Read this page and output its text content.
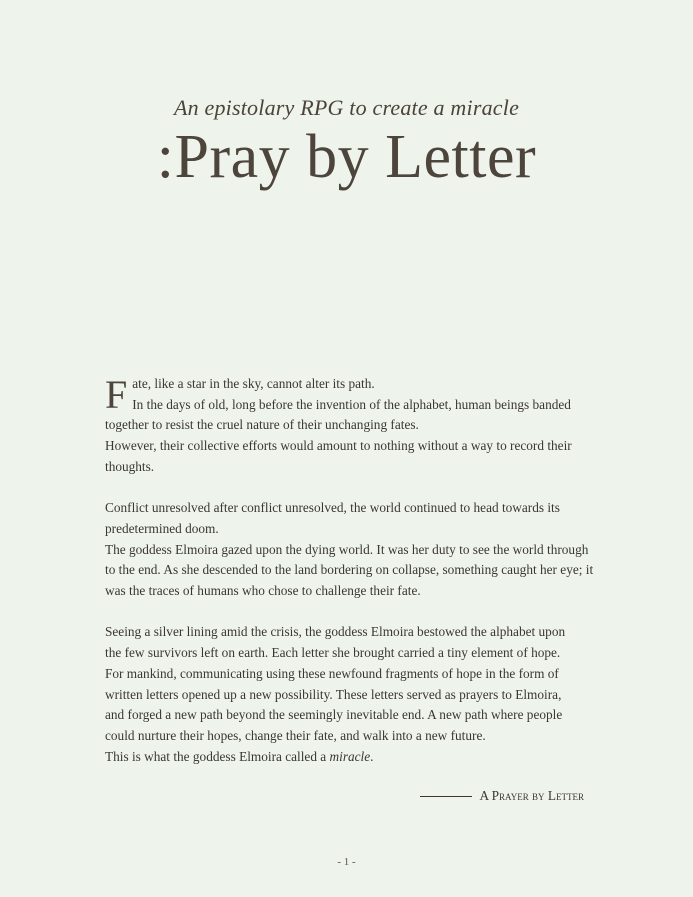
An epistolary RPG to create a miracle
:Pray by Letter
F ate, like a star in the sky, cannot alter its path.
In the days of old, long before the invention of the alphabet, human beings banded
together to resist the cruel nature of their unchanging fates.
However, their collective efforts would amount to nothing without a way to record their
thoughts.
Conflict unresolved after conflict unresolved, the world continued to head towards its
predetermined doom.
The goddess Elmoira gazed upon the dying world. It was her duty to see the world through
to the end. As she descended to the land bordering on collapse, something caught her eye; it
was the traces of humans who chose to challenge their fate.
Seeing a silver lining amid the crisis, the goddess Elmoira bestowed the alphabet upon
the few survivors left on earth. Each letter she brought carried a tiny element of hope.
For mankind, communicating using these newfound fragments of hope in the form of
written letters opened up a new possibility. These letters served as prayers to Elmoira,
and forged a new path beyond the seemingly inevitable end. A new path where people
could nurture their hopes, change their fate, and walk into a new future.
This is what the goddess Elmoira called a miracle.
A Prayer by Letter
- 1 -
